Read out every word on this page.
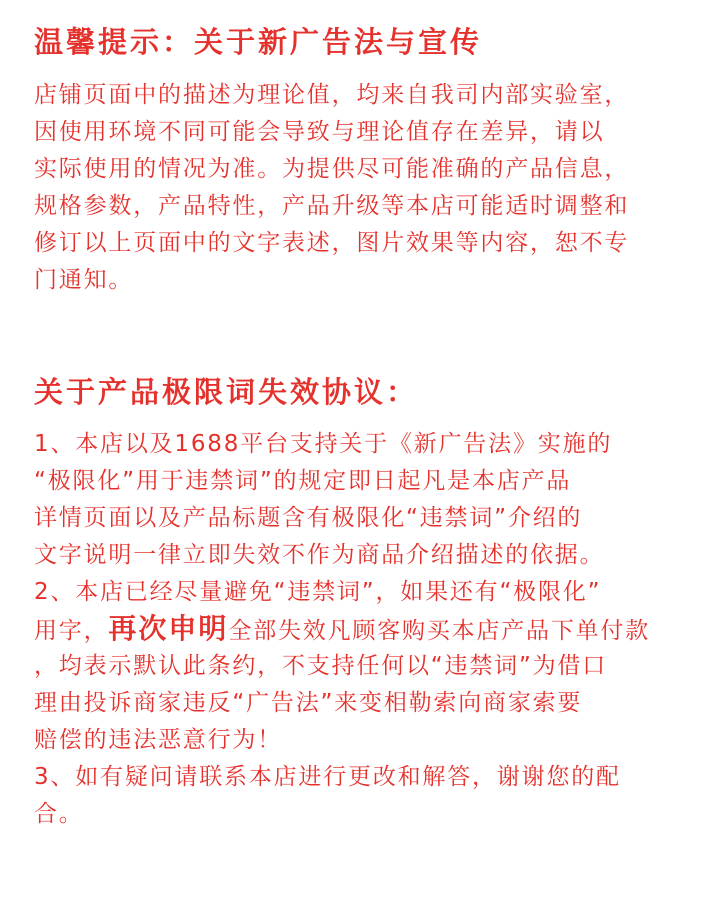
温馨提示：关于新广告法与宣传
店铺页面中的描述为理论值，均来自我司内部实验室，
因使用环境不同可能会导致与理论值存在差异，请以
实际使用的情况为准。为提供尽可能准确的产品信息，
规格参数，产品特性，产品升级等本店可能适时调整和
修订以上页面中的文字表述，图片效果等内容，恕不专
门通知。
关于产品极限词失效协议：
1、本店以及1688平台支持关于《新广告法》实施的
“极限化”用于违禁词”的规定即日起凡是本店产品
详情页面以及产品标题含有极限化“违禁词”介绍的
文字说明一律立即失效不作为商品介绍描述的依据。
2、本店已经尽量避免“违禁词”，如果还有“极限化”
用字，再次申明全部失效凡顾客购买本店产品下单付款
，均表示默认此条约，不支持任何以“违禁词”为借口
理由投诉商家违反“广告法”来变相勒索向商家索要
赔偿的违法恶意行为！
3、如有疑问请联系本店进行更改和解答，谢谢您的配
合。
